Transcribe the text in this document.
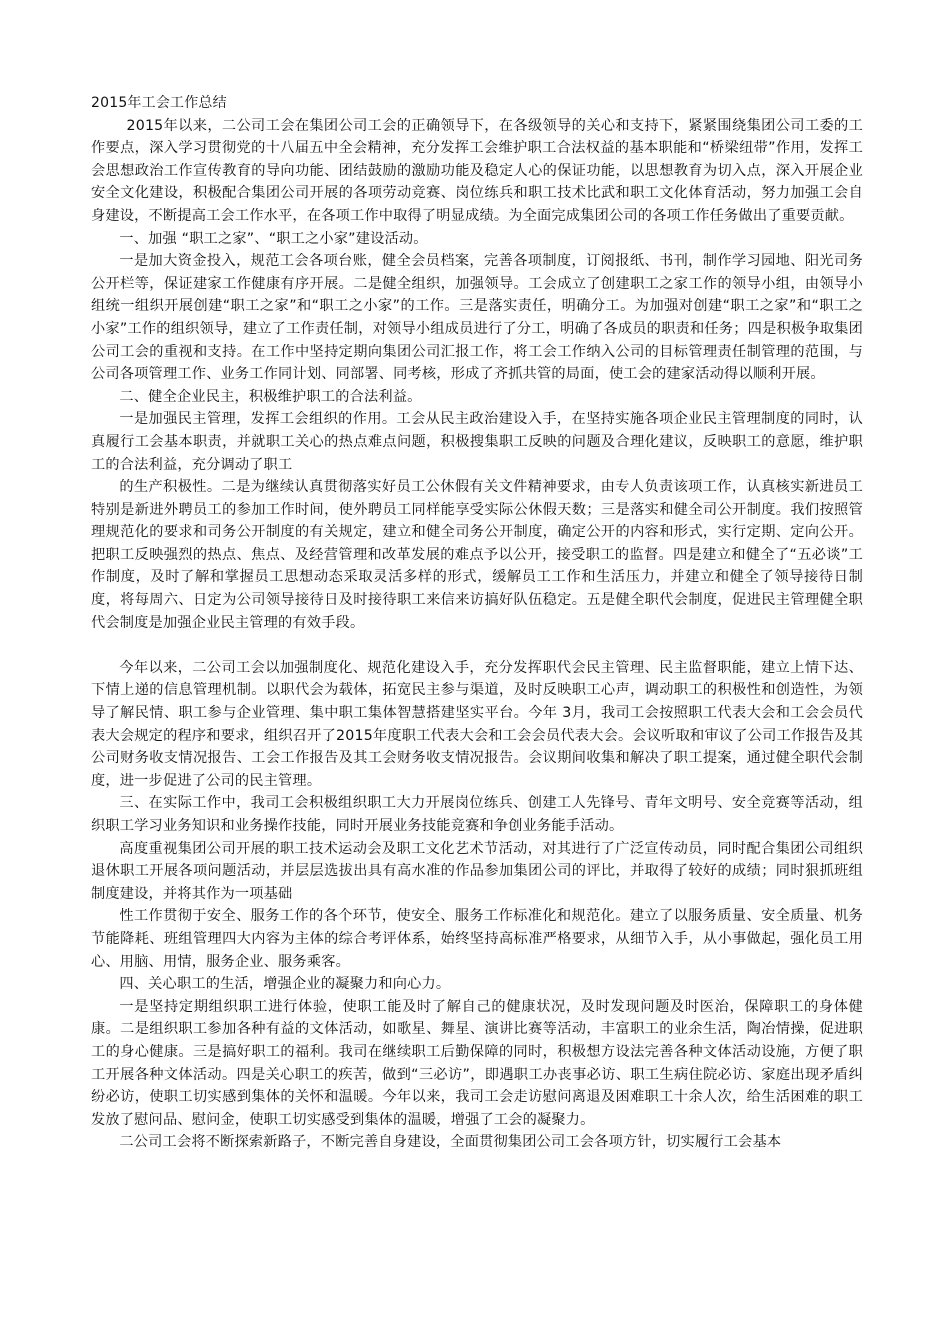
2015年工会工作总结

2015年以来，二公司工会在集团公司工会的正确领导下，在各级领导的关心和支持下，紧紧围绕集团公司工委的工作要点，深入学习贯彻党的十八届五中全会精神，充分发挥工会维护职工合法权益的基本职能和“桥梁纽带”作用，发挥工会思想政治工作宣传教育的导向功能、团结鼓励的激励功能及稳定人心的保证功能，以思想教育为切入点，深入开展企业安全文化建设，积极配合集团公司开展的各项劳动竞赛、岗位练兵和职工技术比武和职工文化体育活动，努力加强工会自身建设，不断提高工会工作水平，在各项工作中取得了明显成绩。为全面完成集团公司的各项工作任务做出了重要贡献。

一、加强 “职工之家”、“职工之小家”建设活动。

一是加大资金投入，规范工会各项台账，健全会员档案，完善各项制度，订阅报纸、书刊，制作学习园地、阳光司务公开栏等，保证建家工作健康有序开展。二是健全组织，加强领导。工会成立了创建职工之家工作的领导小组，由领导小组统一组织开展创建“职工之家”和“职工之小家”的工作。三是落实责任，明确分工。为加强对创建“职工之家”和“职工之小家”工作的组织领导，建立了工作责任制，对领导小组成员进行了分工，明确了各成员的职责和任务；四是积极争取集团公司工会的重视和支持。在工作中坚持定期向集团公司汇报工作，将工会工作纳入公司的目标管理责任制管理的范围，与公司各项管理工作、业务工作同计划、同部署、同考核，形成了齐抓共管的局面，使工会的建家活动得以顺利开展。

二、健全企业民主，积极维护职工的合法利益。

一是加强民主管理，发挥工会组织的作用。工会从民主政治建设入手，在坚持实施各项企业民主管理制度的同时，认真履行工会基本职责，并就职工关心的热点难点问题，积极搜集职工反映的问题及合理化建议，反映职工的意愿，维护职工的合法利益，充分调动了职工

的生产积极性。二是为继续认真贯彻落实好员工公休假有关文件精神要求，由专人负责该项工作，认真核实新进员工特别是新进外聘员工的参加工作时间，使外聘员工同样能享受实际公休假天数；三是落实和健全司公开制度。我们按照管理规范化的要求和司务公开制度的有关规定，建立和健全司务公开制度，确定公开的内容和形式，实行定期、定向公开。把职工反映强烈的热点、焦点、及经营管理和改革发展的难点予以公开，接受职工的监督。四是建立和健全了“五必谈”工作制度，及时了解和掌握员工思想动态采取灵活多样的形式，缓解员工工作和生活压力，并建立和健全了领导接待日制度，将每周六、日定为公司领导接待日及时接待职工来信来访搞好队伍稳定。五是健全职代会制度，促进民主管理健全职代会制度是加强企业民主管理的有效手段。

今年以来，二公司工会以加强制度化、规范化建设入手，充分发挥职代会民主管理、民主监督职能，建立上情下达、下情上递的信息管理机制。以职代会为载体，拓宽民主参与渠道，及时反映职工心声，调动职工的积极性和创造性，为领导了解民情、职工参与企业管理、集中职工集体智慧搭建坚实平台。今年 3月，我司工会按照职工代表大会和工会会员代表大会规定的程序和要求，组织召开了2015年度职工代表大会和工会会员代表大会。会议听取和审议了公司工作报告及其公司财务收支情况报告、工会工作报告及其工会财务收支情况报告。会议期间收集和解决了职工提案，通过健全职代会制度，进一步促进了公司的民主管理。

三、在实际工作中，我司工会积极组织职工大力开展岗位练兵、创建工人先锋号、青年文明号、安全竞赛等活动，组织职工学习业务知识和业务操作技能，同时开展业务技能竞赛和争创业务能手活动。

高度重视集团公司开展的职工技术运动会及职工文化艺术节活动，对其进行了广泛宣传动员，同时配合集团公司组织退休职工开展各项问题活动，并层层选拔出具有高水准的作品参加集团公司的评比，并取得了较好的成绩；同时狠抓班组制度建设，并将其作为一项基础

性工作贯彻于安全、服务工作的各个环节，使安全、服务工作标准化和规范化。建立了以服务质量、安全质量、机务节能降耗、班组管理四大内容为主体的综合考评体系，始终坚持高标准严格要求，从细节入手，从小事做起，强化员工用心、用脑、用情，服务企业、服务乘客。

四、关心职工的生活，增强企业的凝聚力和向心力。

一是坚持定期组织职工进行体验，使职工能及时了解自己的健康状况，及时发现问题及时医治，保障职工的身体健康。二是组织职工参加各种有益的文体活动，如歌星、舞星、演讲比赛等活动，丰富职工的业余生活，陶冶情操，促进职工的身心健康。三是搞好职工的福利。我司在继续职工后勤保障的同时，积极想方设法完善各种文体活动设施，方便了职工开展各种文体活动。四是关心职工的疾苦，做到“三必访”，即遇职工办丧事必访、职工生病住院必访、家庭出现矛盾纠纷必访，使职工切实感到集体的关怀和温暖。今年以来，我司工会走访慰问离退及困难职工十余人次，给生活困难的职工发放了慰问品、慰问金，使职工切实感受到集体的温暖，增强了工会的凝聚力。

二公司工会将不断探索新路子，不断完善自身建设，全面贯彻集团公司工会各项方针，切实履行工会基本
